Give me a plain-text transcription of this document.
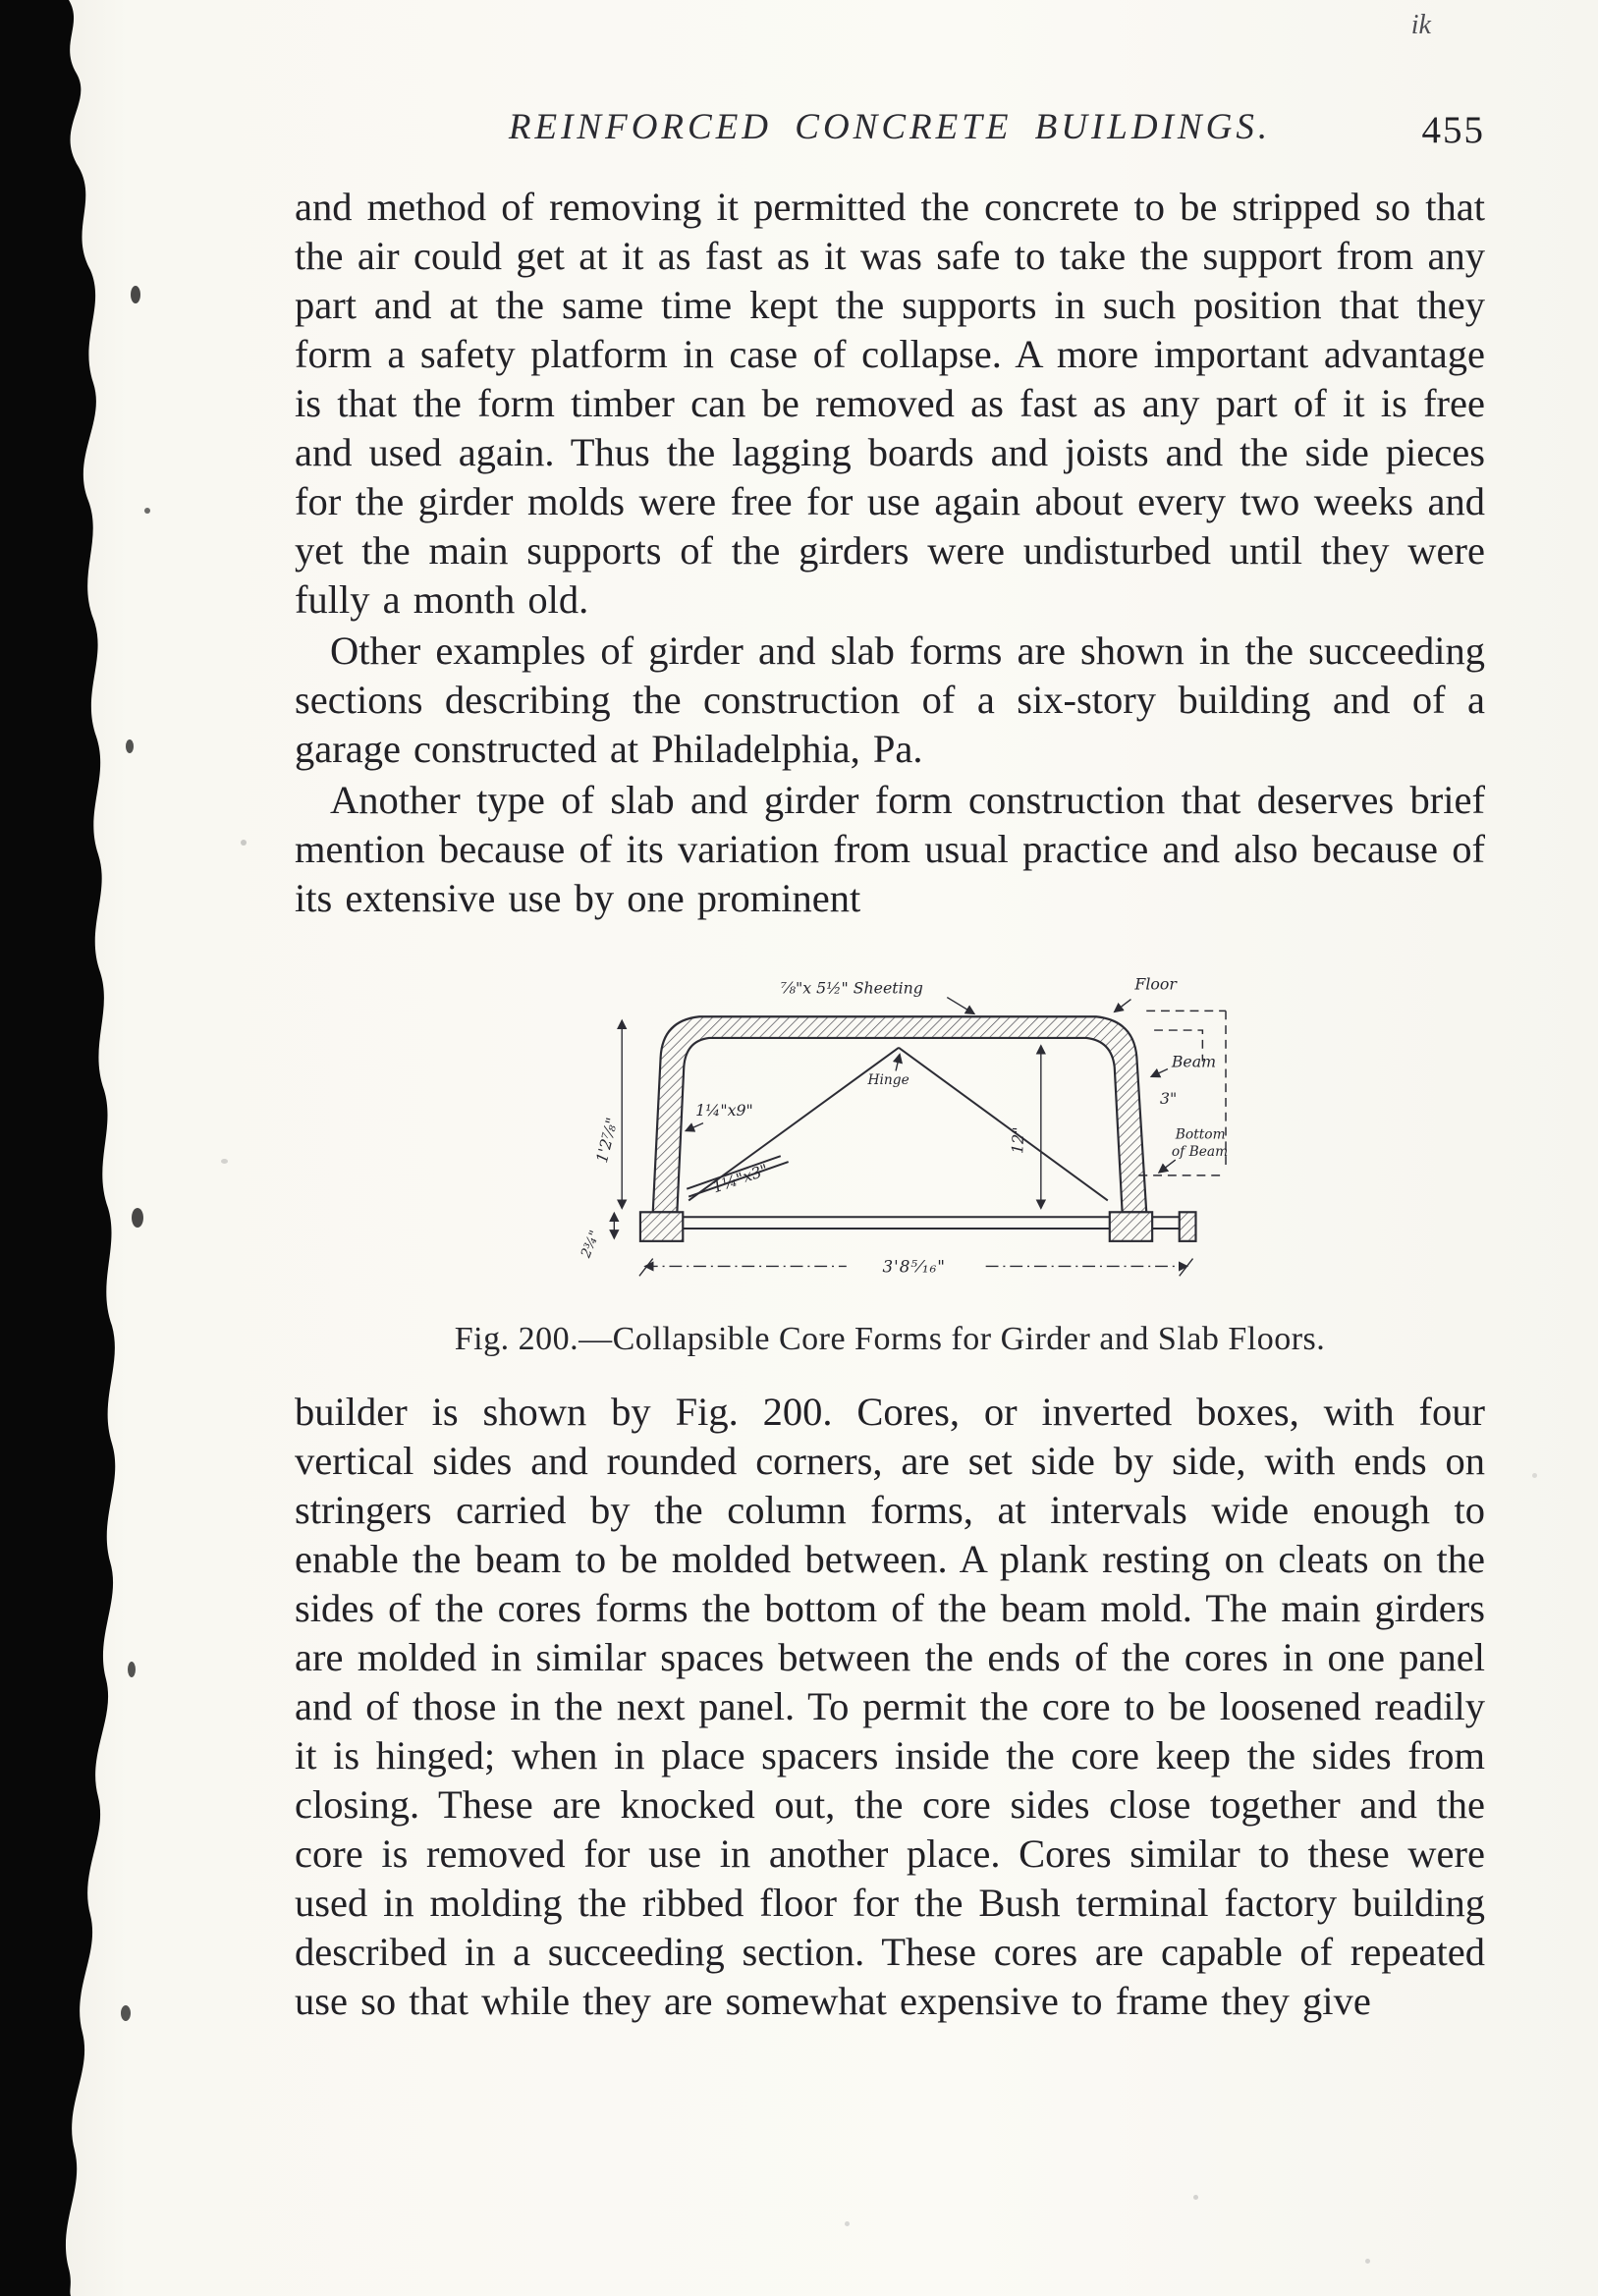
ik
REINFORCED CONCRETE BUILDINGS.	455

and method of removing it permitted the concrete to be stripped so that the air could get at it as fast as it was safe to take the support from any part and at the same time kept the supports in such position that they form a safety platform in case of collapse. A more important advantage is that the form timber can be removed as fast as any part of it is free and used again. Thus the lagging boards and joists and the side pieces for the girder molds were free for use again about every two weeks and yet the main supports of the girders were undisturbed until they were fully a month old.

Other examples of girder and slab forms are shown in the succeeding sections describing the construction of a six-story building and of a garage constructed at Philadelphia, Pa.

Another type of slab and girder form construction that deserves brief mention because of its variation from usual practice and also because of its extensive use by one prominent

⅞"x 5½" Sheeting	Floor
1¼"x9"
Hinge
12"
Beam
3"
Bottom
of Beam
1¼"x3"
1'2⅞"
2¾"
3'8⁵⁄₁₆"
Fig. 200.—Collapsible Core Forms for Girder and Slab Floors.

builder is shown by Fig. 200. Cores, or inverted boxes, with four vertical sides and rounded corners, are set side by side, with ends on stringers carried by the column forms, at intervals wide enough to enable the beam to be molded between. A plank resting on cleats on the sides of the cores forms the bottom of the beam mold. The main girders are molded in similar spaces between the ends of the cores in one panel and of those in the next panel. To permit the core to be loosened readily it is hinged; when in place spacers inside the core keep the sides from closing. These are knocked out, the core sides close together and the core is removed for use in another place. Cores similar to these were used in molding the ribbed floor for the Bush terminal factory building described in a succeeding section. These cores are capable of repeated use so that while they are somewhat expensive to frame they give
